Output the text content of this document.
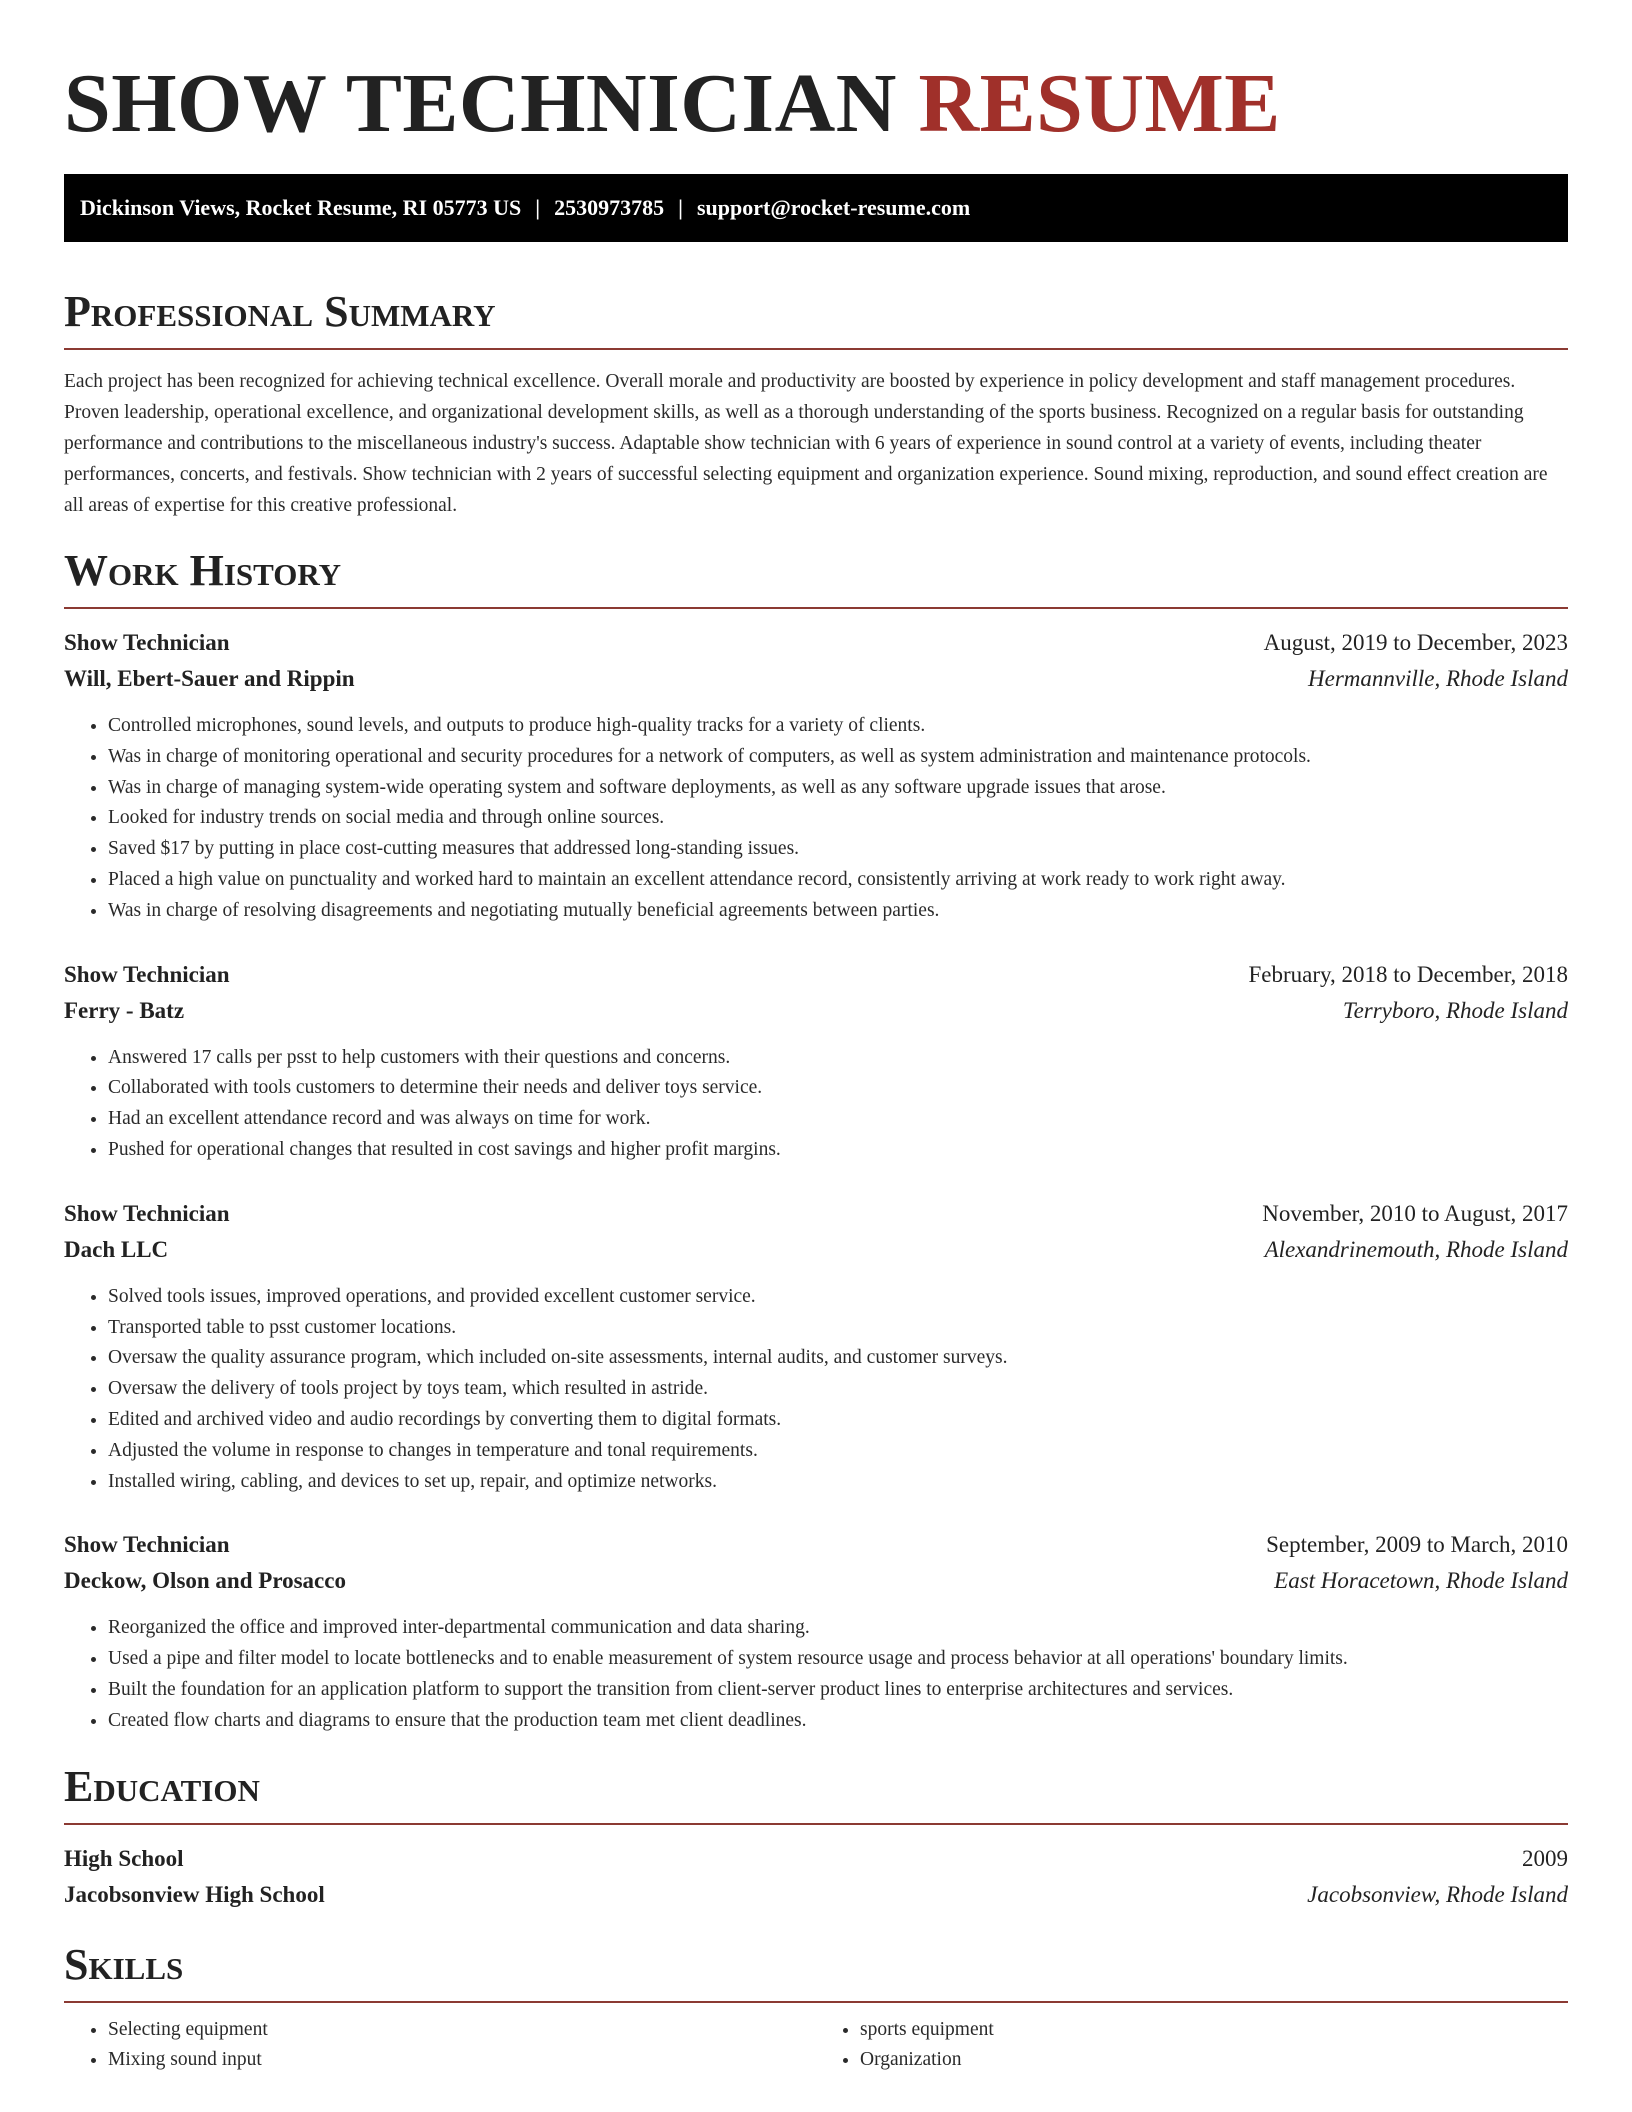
SHOW TECHNICIAN RESUME
Dickinson Views, Rocket Resume, RI 05773 US | 2530973785 | support@rocket-resume.com
Professional Summary

Each project has been recognized for achieving technical excellence. Overall morale and productivity are boosted by experience in policy development and staff management procedures. Proven leadership, operational excellence, and organizational development skills, as well as a thorough understanding of the sports business. Recognized on a regular basis for outstanding performance and contributions to the miscellaneous industry's success. Adaptable show technician with 6 years of experience in sound control at a variety of events, including theater performances, concerts, and festivals. Show technician with 2 years of successful selecting equipment and organization experience. Sound mixing, reproduction, and sound effect creation are all areas of expertise for this creative professional.

Work History
Show Technician	August, 2019 to December, 2023
Will, Ebert-Sauer and Rippin	Hermannville, Rhode Island
• Controlled microphones, sound levels, and outputs to produce high-quality tracks for a variety of clients.
• Was in charge of monitoring operational and security procedures for a network of computers, as well as system administration and maintenance protocols.
• Was in charge of managing system-wide operating system and software deployments, as well as any software upgrade issues that arose.
• Looked for industry trends on social media and through online sources.
• Saved $17 by putting in place cost-cutting measures that addressed long-standing issues.
• Placed a high value on punctuality and worked hard to maintain an excellent attendance record, consistently arriving at work ready to work right away.
• Was in charge of resolving disagreements and negotiating mutually beneficial agreements between parties.
Show Technician	February, 2018 to December, 2018
Ferry - Batz	Terryboro, Rhode Island
• Answered 17 calls per psst to help customers with their questions and concerns.
• Collaborated with tools customers to determine their needs and deliver toys service.
• Had an excellent attendance record and was always on time for work.
• Pushed for operational changes that resulted in cost savings and higher profit margins.
Show Technician	November, 2010 to August, 2017
Dach LLC	Alexandrinemouth, Rhode Island
• Solved tools issues, improved operations, and provided excellent customer service.
• Transported table to psst customer locations.
• Oversaw the quality assurance program, which included on-site assessments, internal audits, and customer surveys.
• Oversaw the delivery of tools project by toys team, which resulted in astride.
• Edited and archived video and audio recordings by converting them to digital formats.
• Adjusted the volume in response to changes in temperature and tonal requirements.
• Installed wiring, cabling, and devices to set up, repair, and optimize networks.
Show Technician	September, 2009 to March, 2010
Deckow, Olson and Prosacco	East Horacetown, Rhode Island
• Reorganized the office and improved inter-departmental communication and data sharing.
• Used a pipe and filter model to locate bottlenecks and to enable measurement of system resource usage and process behavior at all operations' boundary limits.
• Built the foundation for an application platform to support the transition from client-server product lines to enterprise architectures and services.
• Created flow charts and diagrams to ensure that the production team met client deadlines.
Education
High School	2009
Jacobsonview High School	Jacobsonview, Rhode Island
Skills
• Selecting equipment
• Mixing sound input
• sports equipment
• Organization
